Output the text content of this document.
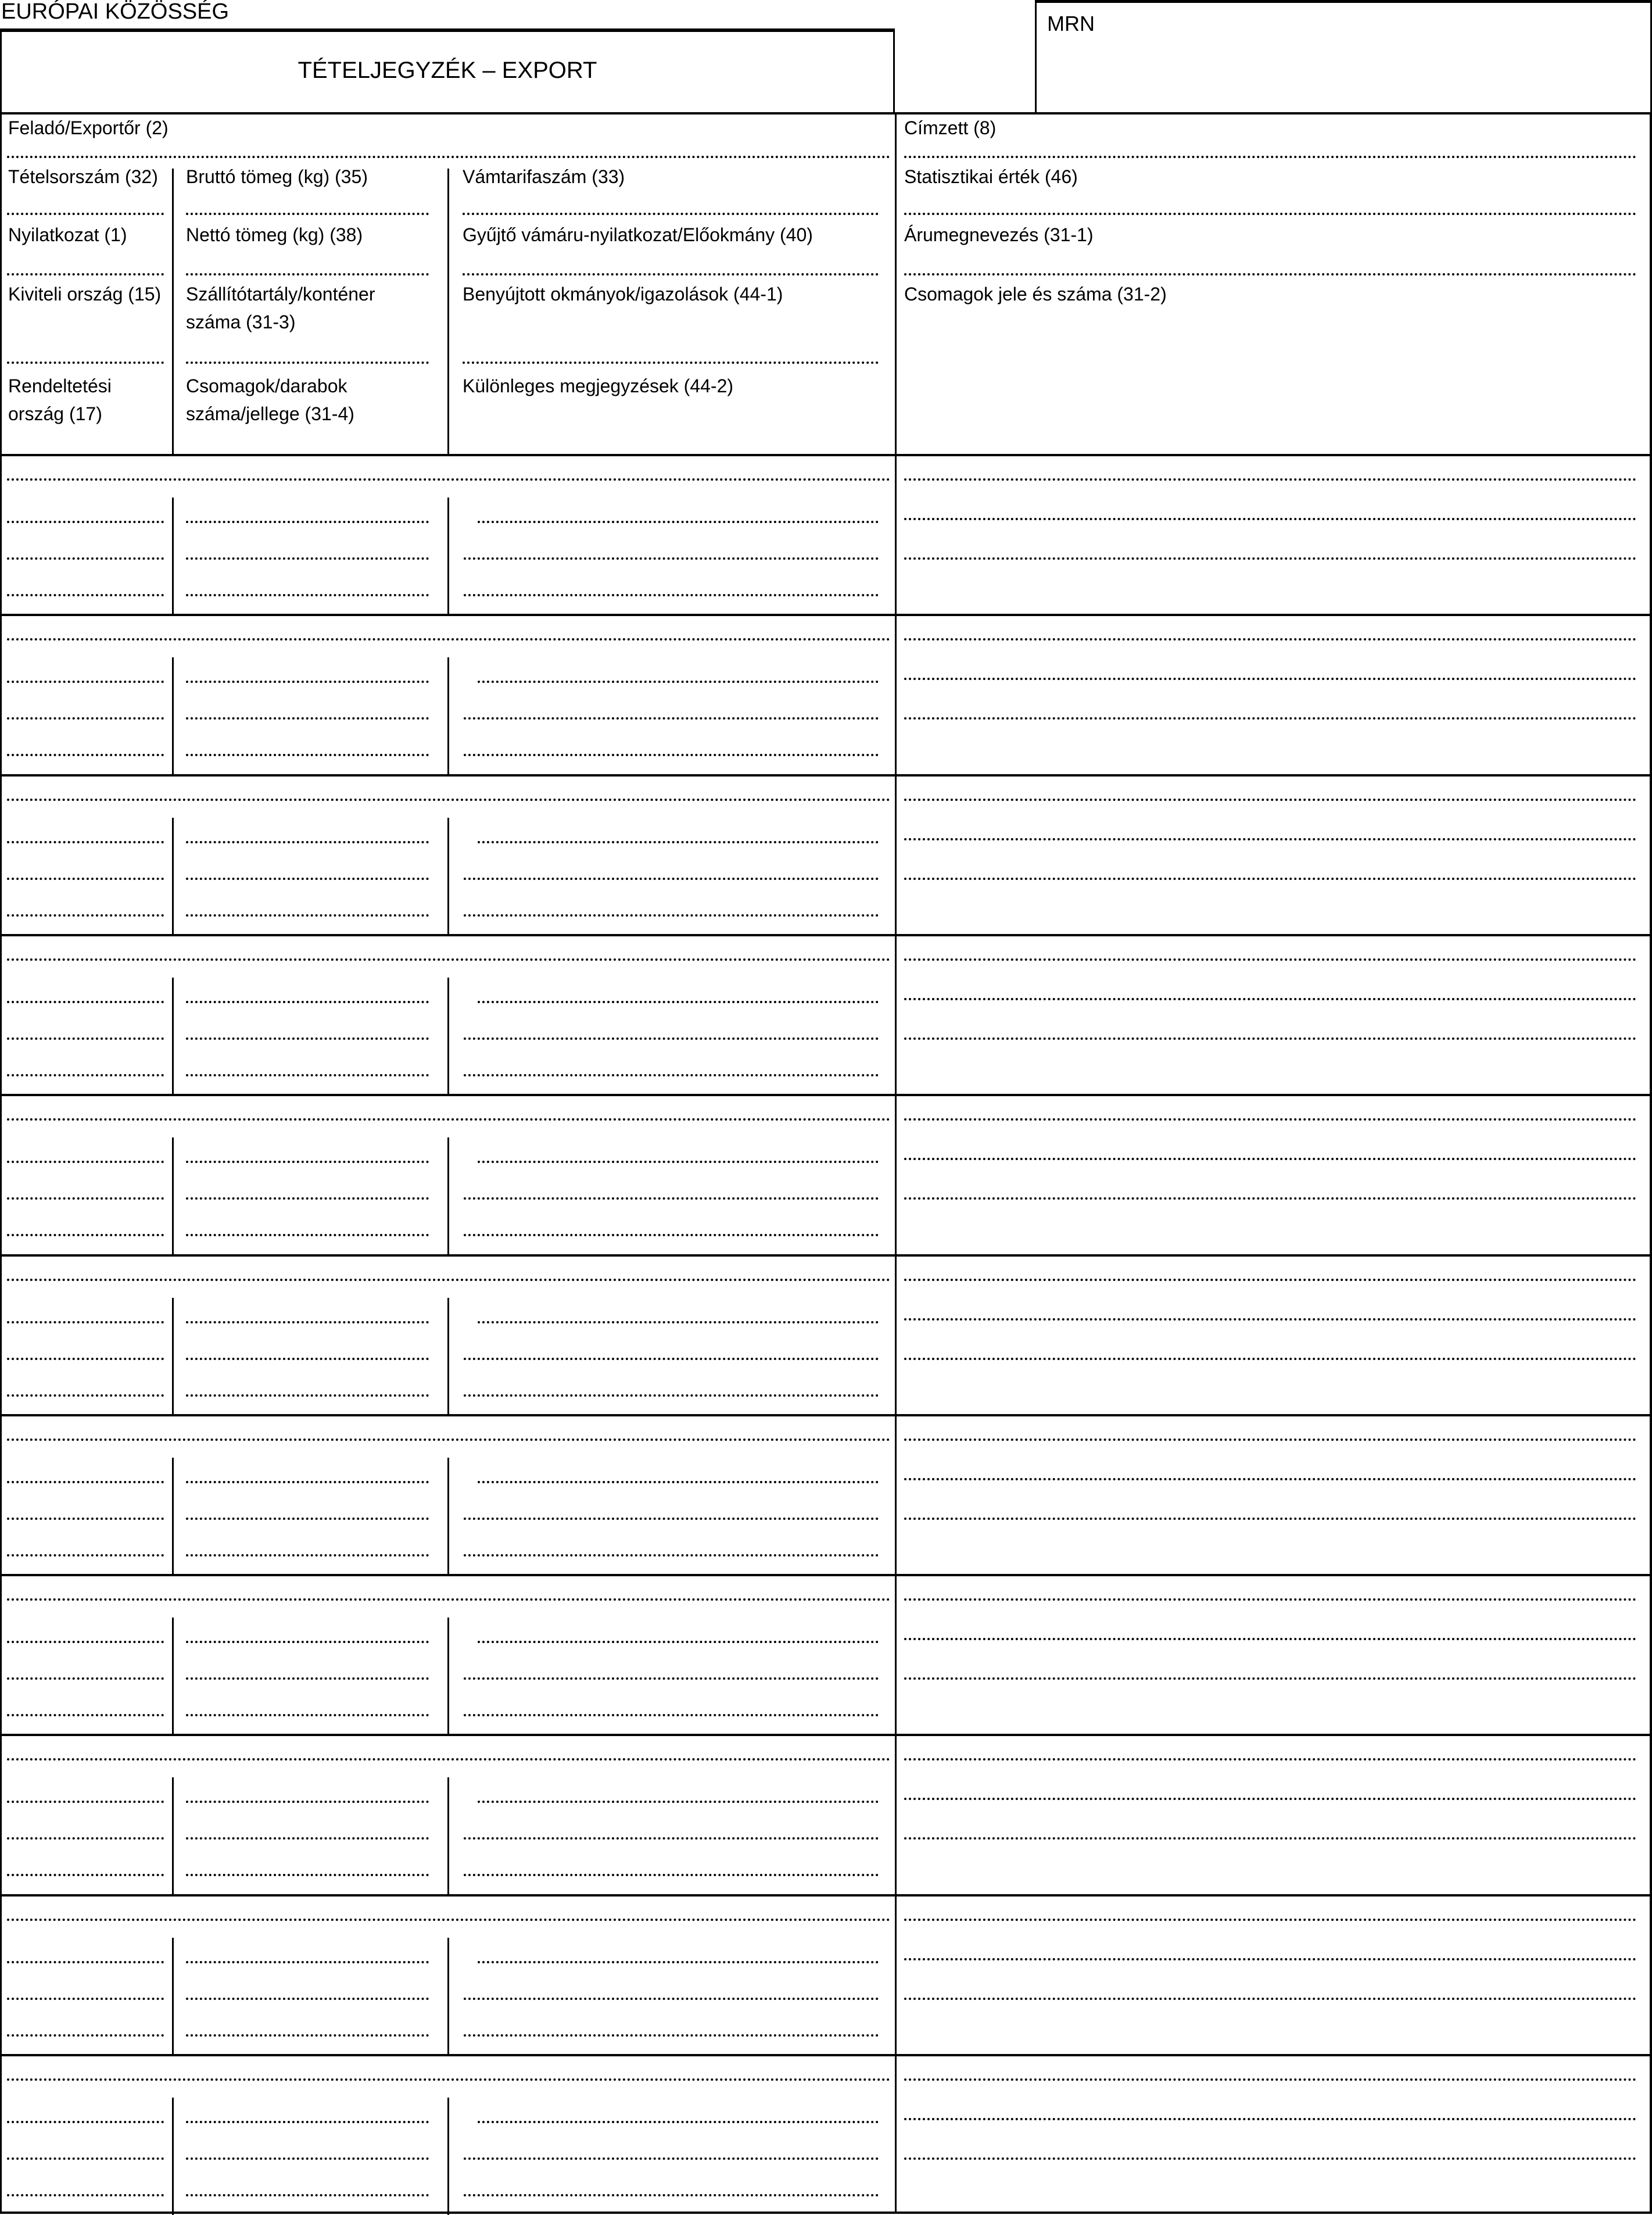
EURÓPAI KÖZÖSSÉG
TÉTELJEGYZÉK – EXPORT
MRN
Feladó/Exportőr (2)	Címzett (8)
Tételsorszám (32)
Nyilatkozat (1)
Kiviteli ország (15)
Rendeltetési
ország (17)
Bruttó tömeg (kg) (35)
Nettó tömeg (kg) (38)
Szállítótartály/konténer
száma (31-3)
Csomagok/darabok
száma/jellege (31-4)
Vámtarifaszám (33)
Gyűjtő vámáru-nyilatkozat/Előokmány (40)
Benyújtott okmányok/igazolások (44-1)
Különleges megjegyzések (44-2)
Statisztikai érték (46)
Árumegnevezés (31-1)
Csomagok jele és száma (31-2)
